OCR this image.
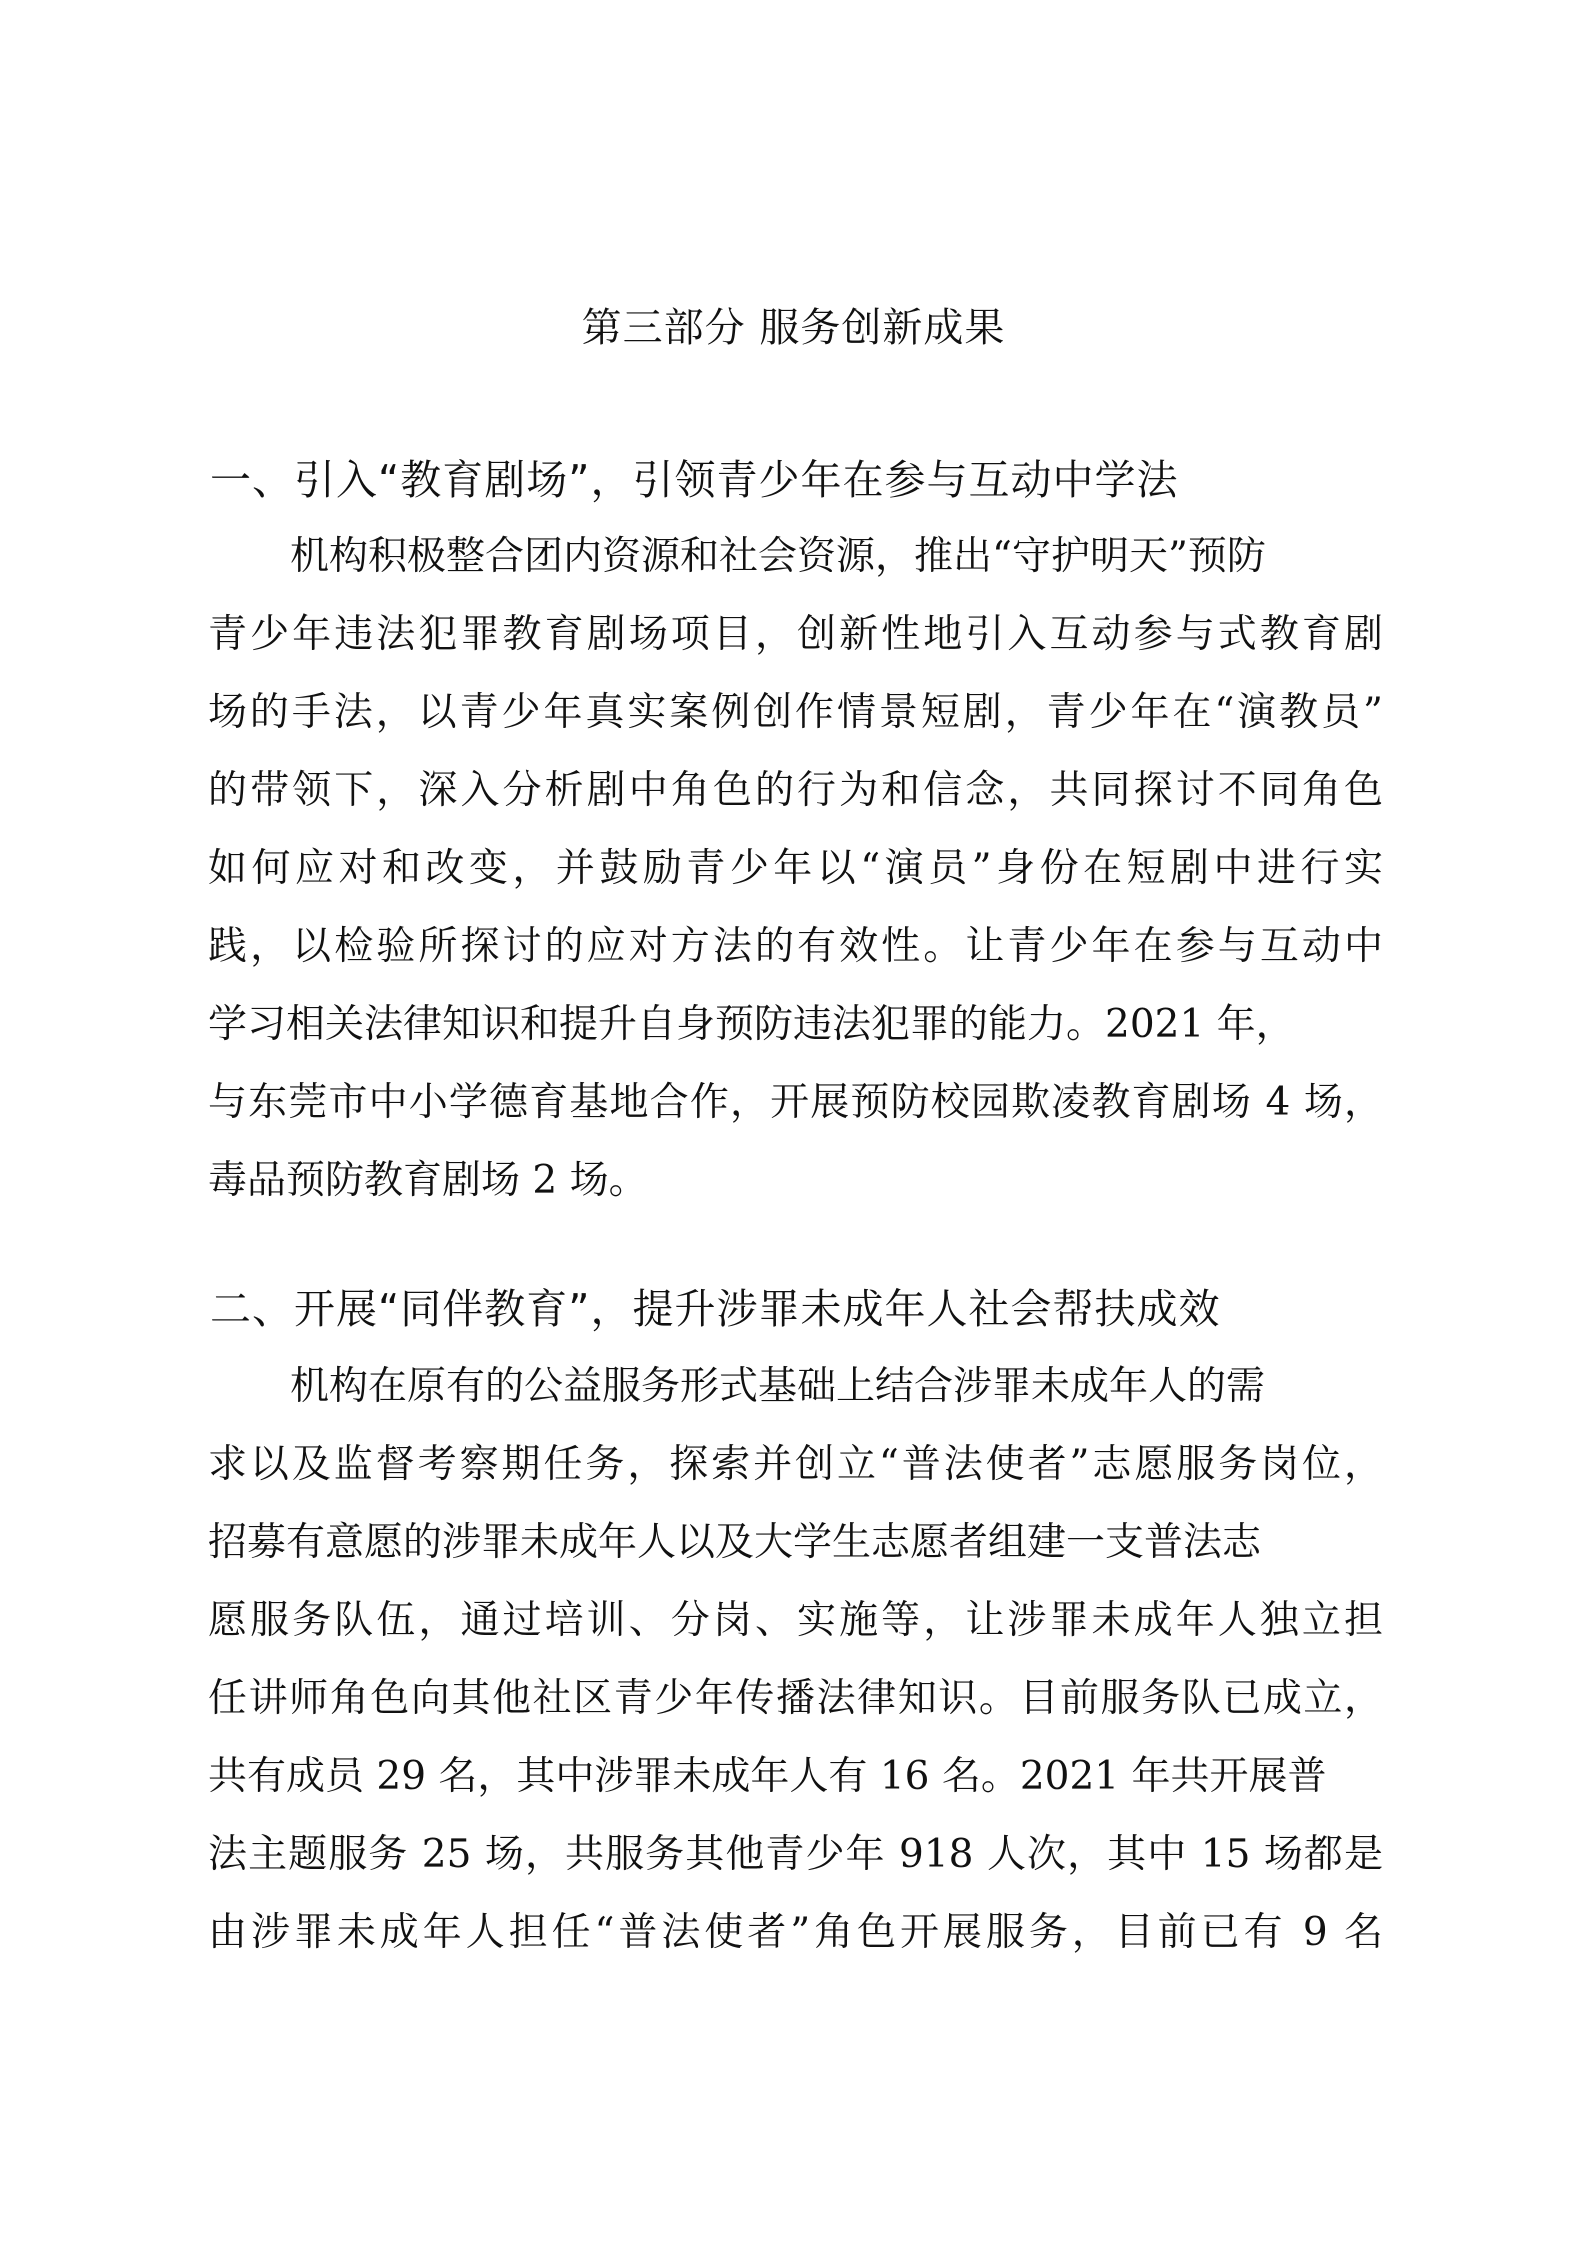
第三部分 服务创新成果
一、引入“教育剧场”，引领青少年在参与互动中学法
机构积极整合团内资源和社会资源，推出“守护明天”预防
青少年违法犯罪教育剧场项目，创新性地引入互动参与式教育剧
场的手法，以青少年真实案例创作情景短剧，青少年在“演教员”
的带领下，深入分析剧中角色的行为和信念，共同探讨不同角色
如何应对和改变，并鼓励青少年以“演员”身份在短剧中进行实
践，以检验所探讨的应对方法的有效性。让青少年在参与互动中
学习相关法律知识和提升自身预防违法犯罪的能力。2021 年，
与东莞市中小学德育基地合作，开展预防校园欺凌教育剧场 4 场，
毒品预防教育剧场 2 场。
二、开展“同伴教育”，提升涉罪未成年人社会帮扶成效
机构在原有的公益服务形式基础上结合涉罪未成年人的需
求以及监督考察期任务，探索并创立“普法使者”志愿服务岗位，
招募有意愿的涉罪未成年人以及大学生志愿者组建一支普法志
愿服务队伍，通过培训、分岗、实施等，让涉罪未成年人独立担
任讲师角色向其他社区青少年传播法律知识。目前服务队已成立，
共有成员 29 名，其中涉罪未成年人有 16 名。2021 年共开展普
法主题服务 25 场，共服务其他青少年 918 人次，其中 15 场都是
由涉罪未成年人担任“普法使者”角色开展服务，目前已有 9 名
